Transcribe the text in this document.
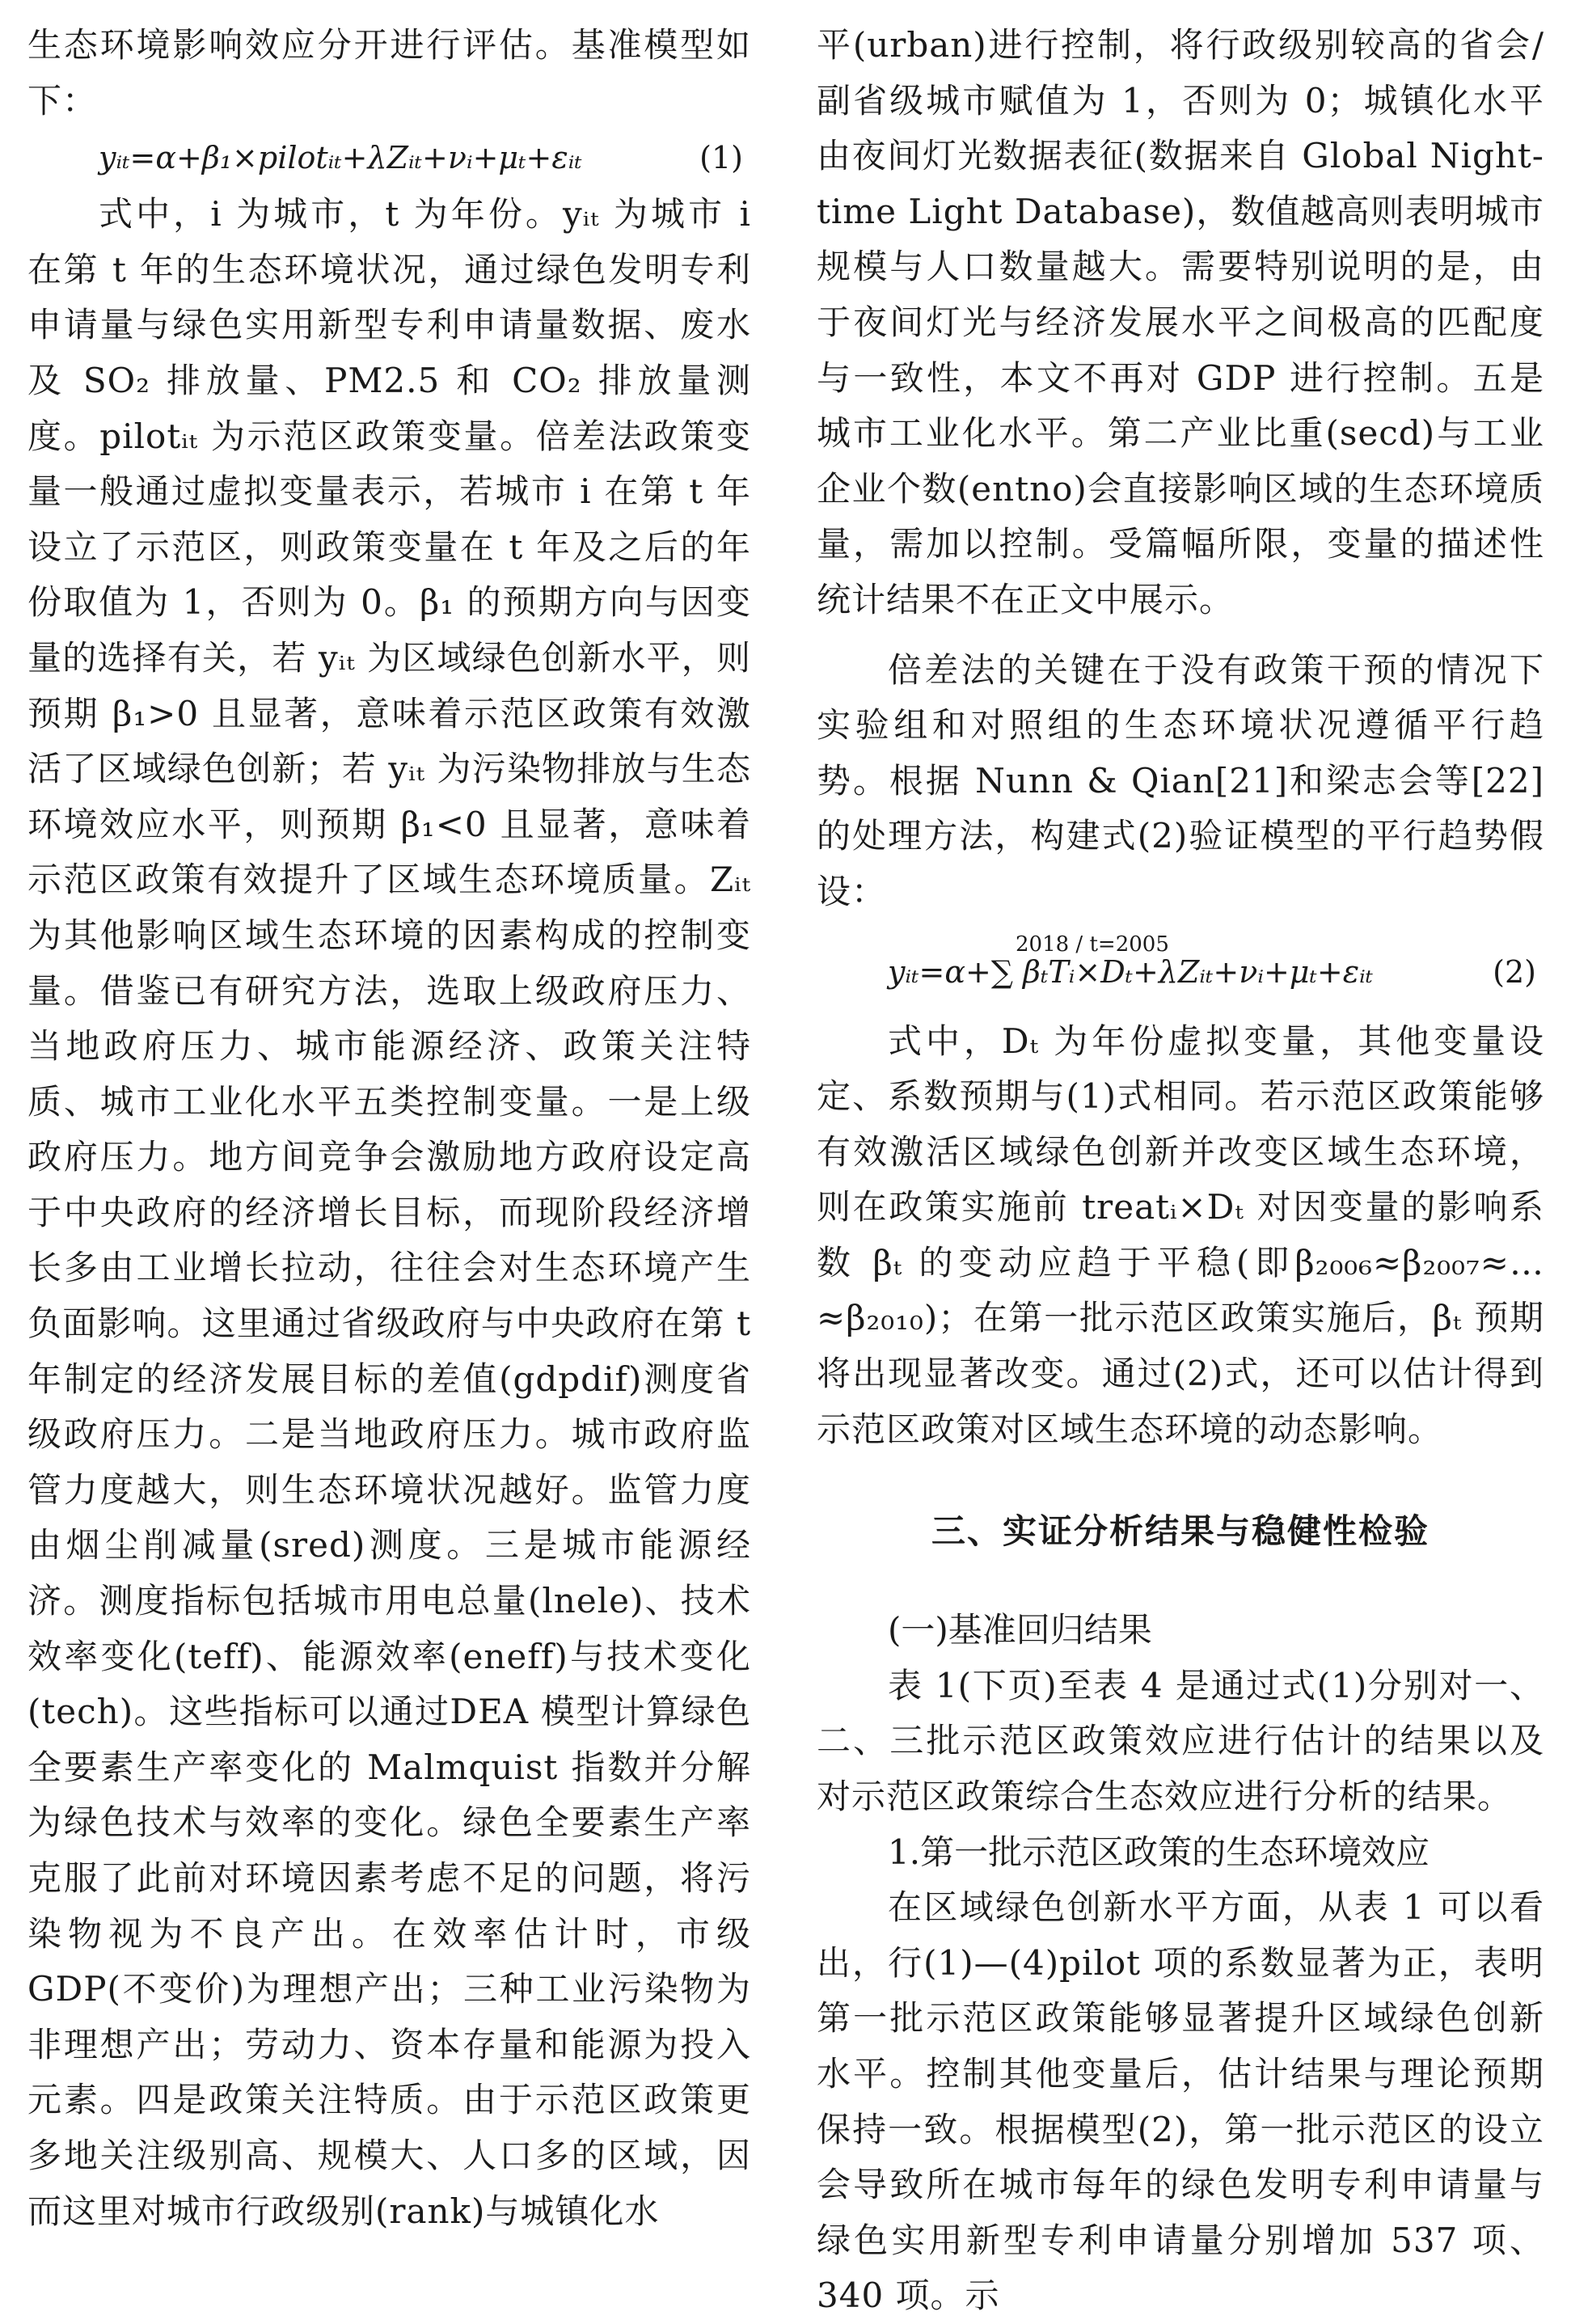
生态环境影响效应分开进行评估。基准模型如下：

yᵢₜ=α+β₁×pilotᵢₜ+λZᵢₜ+νᵢ+μₜ+εᵢₜ	(1)

式中，i 为城市，t 为年份。yᵢₜ 为城市 i 在第 t 年的生态环境状况，通过绿色发明专利申请量与绿色实用新型专利申请量数据、废水及 SO₂ 排放量、PM2.5 和 CO₂ 排放量测度。pilotᵢₜ 为示范区政策变量。倍差法政策变量一般通过虚拟变量表示，若城市 i 在第 t 年设立了示范区，则政策变量在 t 年及之后的年份取值为 1，否则为 0。β₁ 的预期方向与因变量的选择有关，若 yᵢₜ 为区域绿色创新水平，则预期 β₁>0 且显著，意味着示范区政策有效激活了区域绿色创新；若 yᵢₜ 为污染物排放与生态环境效应水平，则预期 β₁<0 且显著，意味着示范区政策有效提升了区域生态环境质量。Zᵢₜ 为其他影响区域生态环境的因素构成的控制变量。借鉴已有研究方法，选取上级政府压力、当地政府压力、城市能源经济、政策关注特质、城市工业化水平五类控制变量。一是上级政府压力。地方间竞争会激励地方政府设定高于中央政府的经济增长目标，而现阶段经济增长多由工业增长拉动，往往会对生态环境产生负面影响。这里通过省级政府与中央政府在第 t 年制定的经济发展目标的差值(gdpdif)测度省级政府压力。二是当地政府压力。城市政府监管力度越大，则生态环境状况越好。监管力度由烟尘削减量(sred)测度。三是城市能源经济。测度指标包括城市用电总量(lnele)、技术效率变化(teff)、能源效率(eneff)与技术变化(tech)。这些指标可以通过DEA 模型计算绿色全要素生产率变化的 Malmquist 指数并分解为绿色技术与效率的变化。绿色全要素生产率克服了此前对环境因素考虑不足的问题，将污染物视为不良产出。在效率估计时，市级 GDP(不变价)为理想产出；三种工业污染物为非理想产出；劳动力、资本存量和能源为投入元素。四是政策关注特质。由于示范区政策更多地关注级别高、规模大、人口多的区域，因而这里对城市行政级别(rank)与城镇化水

平(urban)进行控制，将行政级别较高的省会/副省级城市赋值为 1，否则为 0；城镇化水平由夜间灯光数据表征(数据来自 Global Night-time Light Database)，数值越高则表明城市规模与人口数量越大。需要特别说明的是，由于夜间灯光与经济发展水平之间极高的匹配度与一致性，本文不再对 GDP 进行控制。五是城市工业化水平。第二产业比重(secd)与工业企业个数(entno)会直接影响区域的生态环境质量，需加以控制。受篇幅所限，变量的描述性统计结果不在正文中展示。

倍差法的关键在于没有政策干预的情况下实验组和对照组的生态环境状况遵循平行趋势。根据 Nunn & Qian[21]和梁志会等[22]的处理方法，构建式(2)验证模型的平行趋势假设：

2018 / t=2005
yᵢₜ=α+∑ βₜTᵢ×Dₜ+λZᵢₜ+νᵢ+μₜ+εᵢₜ	(2)

式中，Dₜ 为年份虚拟变量，其他变量设定、系数预期与(1)式相同。若示范区政策能够有效激活区域绿色创新并改变区域生态环境，则在政策实施前 treatᵢ×Dₜ 对因变量的影响系数 βₜ 的变动应趋于平稳(即β₂₀₀₆≈β₂₀₀₇≈…≈β₂₀₁₀)；在第一批示范区政策实施后，βₜ 预期将出现显著改变。通过(2)式，还可以估计得到示范区政策对区域生态环境的动态影响。

三、实证分析结果与稳健性检验
(一)基准回归结果

表 1(下页)至表 4 是通过式(1)分别对一、二、三批示范区政策效应进行估计的结果以及对示范区政策综合生态效应进行分析的结果。

1.第一批示范区政策的生态环境效应

在区域绿色创新水平方面，从表 1 可以看出，行(1)—(4)pilot 项的系数显著为正，表明第一批示范区政策能够显著提升区域绿色创新水平。控制其他变量后，估计结果与理论预期保持一致。根据模型(2)，第一批示范区的设立会导致所在城市每年的绿色发明专利申请量与绿色实用新型专利申请量分别增加 537 项、340 项。示
